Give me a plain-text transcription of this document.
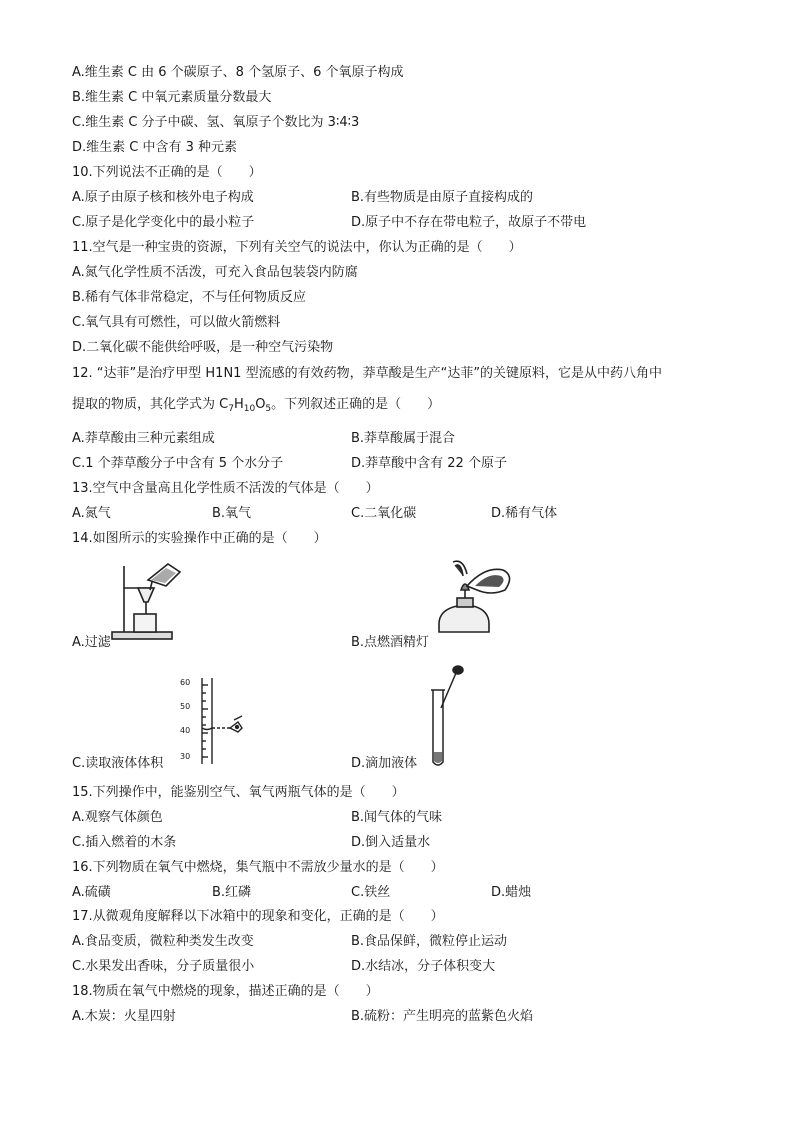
A.维生素 C 由 6 个碳原子、8 个氢原子、6 个氧原子构成
B.维生素 C 中氧元素质量分数最大
C.维生素 C 分子中碳、氢、氧原子个数比为 3∶4∶3
D.维生素 C 中含有 3 种元素
10.下列说法不正确的是（　　）
A.原子由原子核和核外电子构成	B.有些物质是由原子直接构成的
C.原子是化学变化中的最小粒子	D.原子中不存在带电粒子，故原子不带电
11.空气是一种宝贵的资源，下列有关空气的说法中，你认为正确的是（　　）
A.氮气化学性质不活泼，可充入食品包装袋内防腐
B.稀有气体非常稳定，不与任何物质反应
C.氧气具有可燃性，可以做火箭燃料
D.二氧化碳不能供给呼吸，是一种空气污染物
12. “达菲”是治疗甲型 H1N1 型流感的有效药物，莽草酸是生产“达菲”的关键原料，它是从中药八角中
提取的物质，其化学式为 $C_7H_{10}O_5$。下列叙述正确的是（　　）
A.莽草酸由三种元素组成	B.莽草酸属于混合
C.1 个莽草酸分子中含有 5 个水分子	D.莽草酸中含有 22 个原子
13.空气中含量高且化学性质不活泼的气体是（　　）
A.氮气	B.氧气	C.二氧化碳	D.稀有气体
14.如图所示的实验操作中正确的是（　　）
A.过滤	B.点燃酒精灯
60
50
40
30
C.读取液体体积	D.滴加液体
15.下列操作中，能鉴别空气、氧气两瓶气体的是（　　）
A.观察气体颜色	B.闻气体的气味
C.插入燃着的木条	D.倒入适量水
16.下列物质在氧气中燃烧，集气瓶中不需放少量水的是（　　）
A.硫磺	B.红磷	C.铁丝	D.蜡烛
17.从微观角度解释以下冰箱中的现象和变化，正确的是（　　）
A.食品变质，微粒种类发生改变	B.食品保鲜，微粒停止运动
C.水果发出香味，分子质量很小	D.水结冰，分子体积变大
18.物质在氧气中燃烧的现象，描述正确的是（　　）
A.木炭：火星四射	B.硫粉：产生明亮的蓝紫色火焰
